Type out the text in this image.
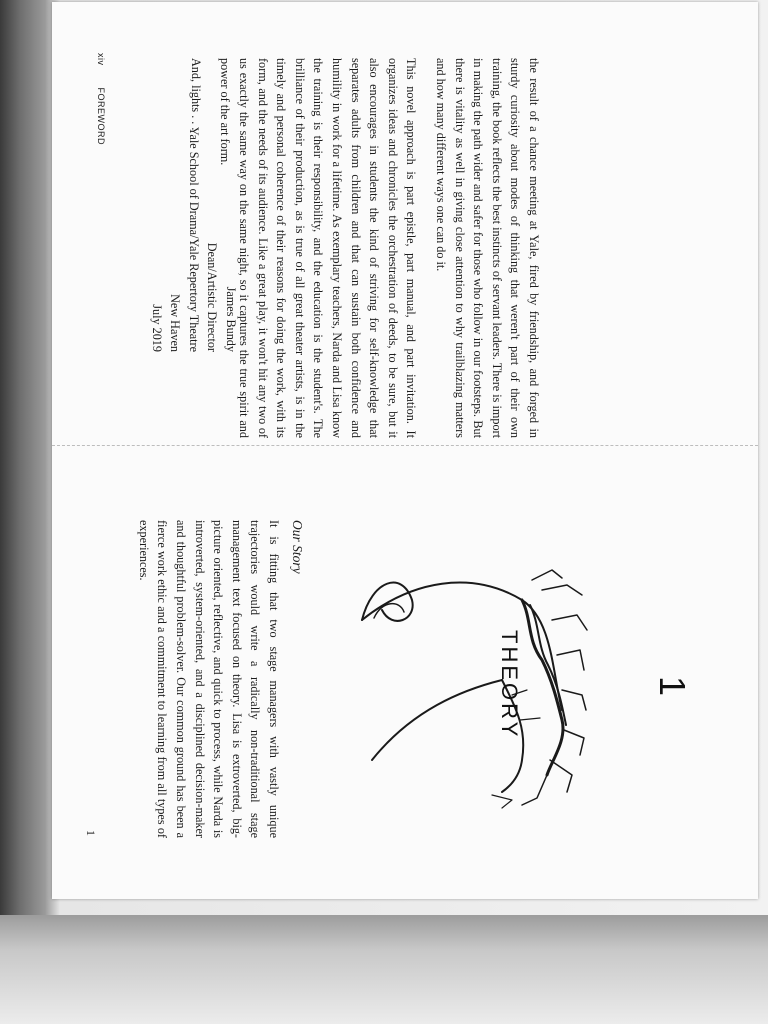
the result of a chance meeting at Yale, fired by friendship, and forged in sturdy curiosity about modes of thinking that weren't part of their own training, the book reflects the best instincts of servant leaders. There is import in making the path wider and safer for those who follow in our footsteps. But there is vitality as well in giving close attention to why trailblazing matters and how many different ways one can do it.

This novel approach is part epistle, part manual, and part invitation. It organizes ideas and chronicles the orchestration of deeds, to be sure, but it also encourages in students the kind of striving for self-knowledge that separates adults from children and that can sustain both confidence and humility in work for a lifetime. As exemplary teachers, Narda and Lisa know the training is their responsibility, and the education is the student's. The brilliance of their production, as is true of all great theater artists, is in the timely and personal coherence of their reasons for doing the work, with its form, and the needs of its audience. Like a great play, it won't hit any two of us exactly the same way on the same night, so it captures the true spirit and power of the art form.

And, lights . . .

James Bundy
Dean/Artistic Director
Yale School of Drama/Yale Repertory Theatre
New Haven
July 2019
xiv  FOREWORD
1
THEORY
Our Story

It is fitting that two stage managers with vastly unique trajectories would write a radically non-traditional stage management text focused on theory. Lisa is extroverted, big-picture oriented, reflective, and quick to process, while Narda is introverted, system-oriented, and a disciplined decision-maker and thoughtful problem-solver. Our common ground has been a fierce work ethic and a commitment to learning from all types of experiences.

1
